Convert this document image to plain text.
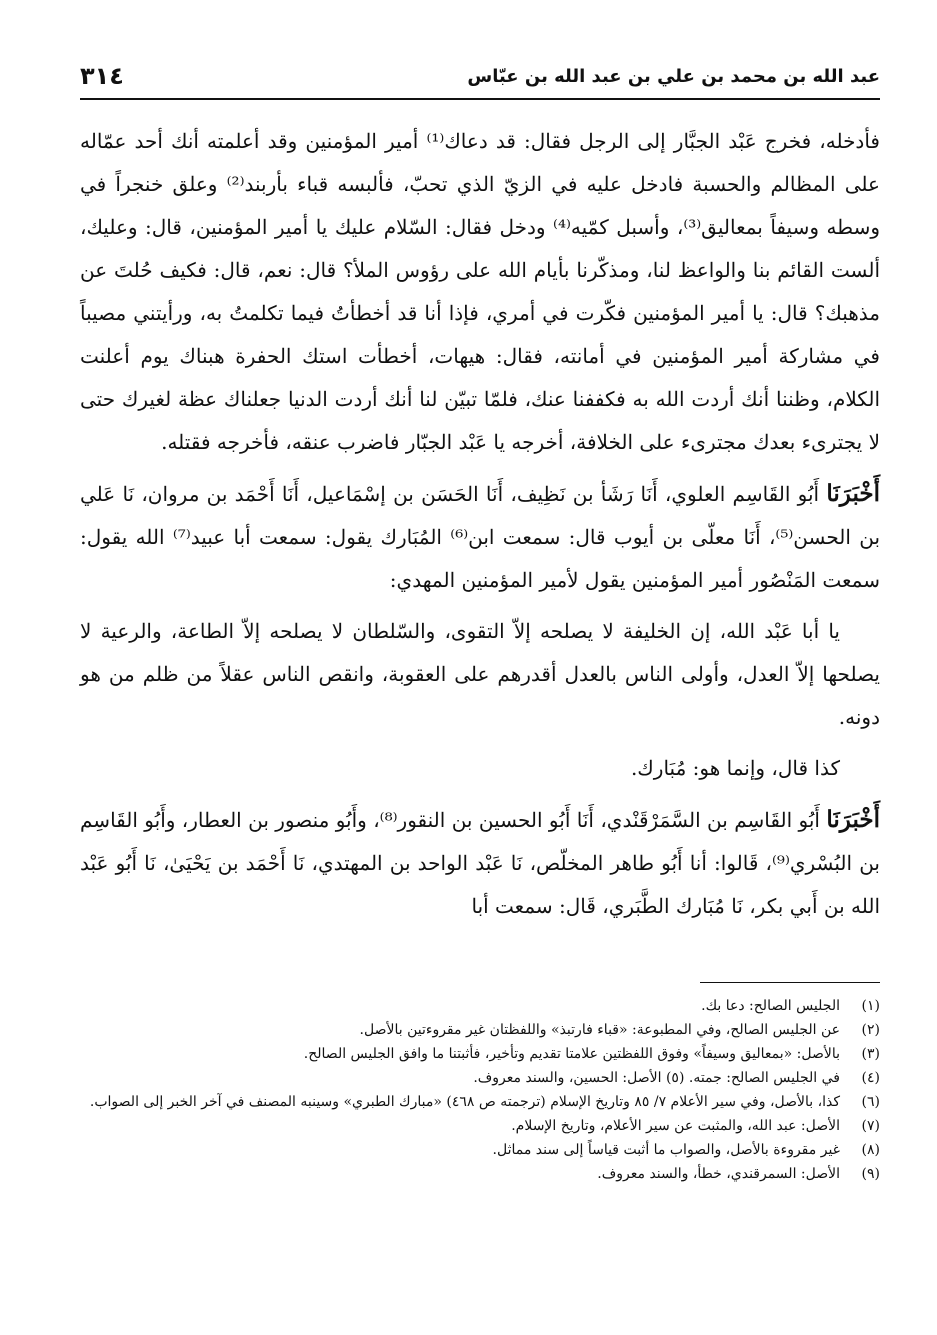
عبد الله بن محمد بن علي بن عبد الله بن عبّاس
٣١٤

فأدخله، فخرج عَبْد الجبَّار إلى الرجل فقال: قد دعاك⁽¹⁾ أمير المؤمنين وقد أعلمته أنك أحد عمّاله على المظالم والحسبة فادخل عليه في الزيّ الذي تحبّ، فألبسه قباء بأربند⁽²⁾ وعلق خنجراً في وسطه وسيفاً بمعاليق⁽³⁾، وأسبل كمّيه⁽⁴⁾ ودخل فقال: السّلام عليك يا أمير المؤمنين، قال: وعليك، ألست القائم بنا والواعظ لنا، ومذكّرنا بأيام الله على رؤوس الملأ؟ قال: نعم، قال: فكيف حُلتَ عن مذهبك؟ قال: يا أمير المؤمنين فكّرت في أمري، فإذا أنا قد أخطأتُ فيما تكلمتُ به، ورأيتني مصيباً في مشاركة أمير المؤمنين في أمانته، فقال: هيهات، أخطأت استك الحفرة هبناك يوم أعلنت الكلام، وظننا أنك أردت الله به فكففنا عنك، فلمّا تبيّن لنا أنك أردت الدنيا جعلناك عظة لغيرك حتى لا يجترىء بعدك مجترىء على الخلافة، أخرجه يا عَبْد الجبّار فاضرب عنقه، فأخرجه فقتله.

أَخْبَرَنَا أَبُو القَاسِم العلوي، أَنَا رَشَأ بن نَظِيف، أَنَا الحَسَن بن إسْمَاعيل، أَنَا أَحْمَد بن مروان، نَا عَلي بن الحسن⁽⁵⁾، أَنَا معلّى بن أيوب قال: سمعت ابن⁽⁶⁾ المُبَارك يقول: سمعت أبا عبيد⁽⁷⁾ الله يقول: سمعت المَنْصُور أمير المؤمنين يقول لأمير المؤمنين المهدي:

يا أبا عَبْد الله، إن الخليفة لا يصلحه إلاّ التقوى، والسّلطان لا يصلحه إلاّ الطاعة، والرعية لا يصلحها إلاّ العدل، وأولى الناس بالعدل أقدرهم على العقوبة، وانقص الناس عقلاً من ظلم من هو دونه.

كذا قال، وإنما هو: مُبَارك.

أَخْبَرَنَا أَبُو القَاسِم بن السَّمَرْقَنْدي، أَنَا أَبُو الحسين بن النقور⁽⁸⁾، وأَبُو منصور بن العطار، وأَبُو القَاسِم بن البُسْري⁽⁹⁾، قَالوا: أنا أَبُو طاهر المخلّص، نَا عَبْد الواحد بن المهتدي، نَا أَحْمَد بن يَحْيَىٰ، نَا أَبُو عَبْد الله بن أَبي بكر، نَا مُبَارك الطَّبَري، قَال: سمعت أبا

(١)
الجليس الصالح: دعا بك.
(٢)
عن الجليس الصالح، وفي المطبوعة: «قباء فارتبذ» واللفظتان غير مقروءتين بالأصل.
(٣)
بالأصل: «بمعاليق وسيفاً» وفوق اللفظتين علامتا تقديم وتأخير، فأثبتنا ما وافق الجليس الصالح.
(٤)
في الجليس الصالح: جمته. (٥) الأصل: الحسين، والسند معروف.
(٦)
كذا، بالأصل، وفي سير الأعلام ٧/ ٨٥ وتاريخ الإسلام (ترجمته ص ٤٦٨) «مبارك الطبري» وسينبه المصنف في آخر الخبر إلى الصواب.
(٧)
الأصل: عبد الله، والمثبت عن سير الأعلام، وتاريخ الإسلام.
(٨)
غير مقروءة بالأصل، والصواب ما أثبت قياساً إلى سند مماثل.
(٩)
الأصل: السمرقندي، خطأ، والسند معروف.
